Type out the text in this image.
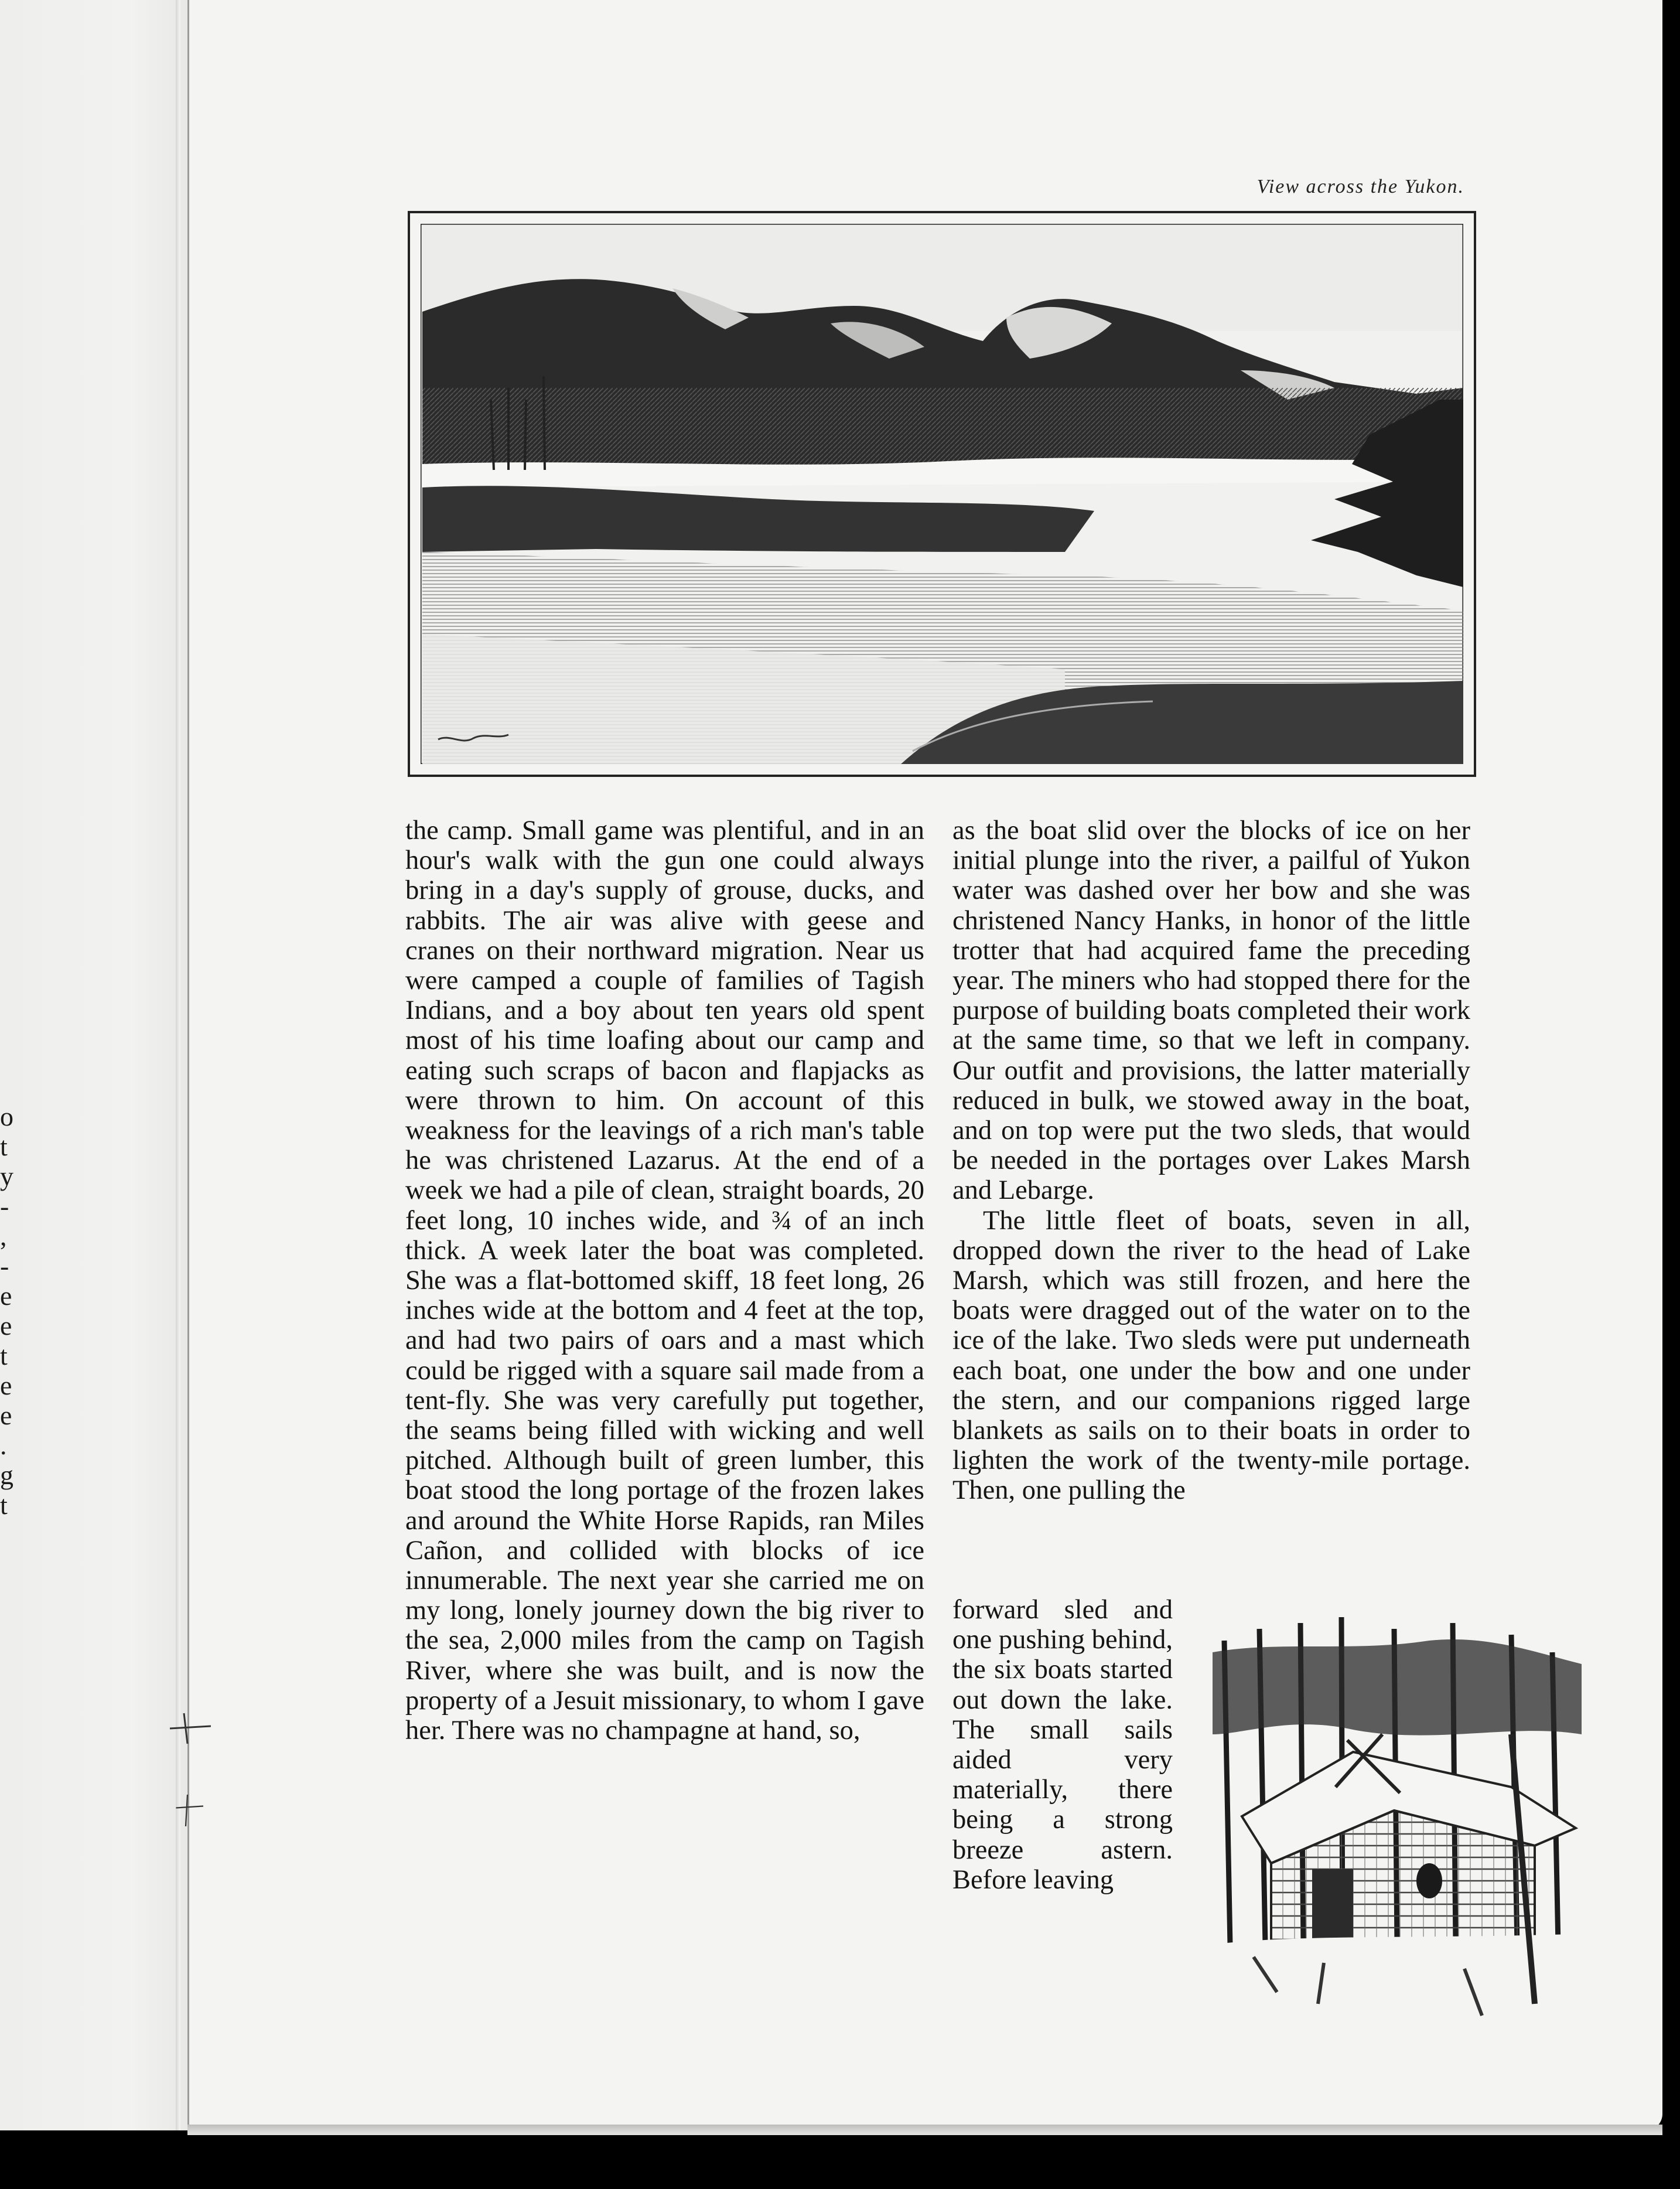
o
t
y
-
,
-
e
e
t
e
e
.
g
t
View across the Yukon.

the camp. Small game was plentiful, and in an hour's walk with the gun one could always bring in a day's supply of grouse, ducks, and rabbits. The air was alive with geese and cranes on their northward migration. Near us were camped a couple of families of Tagish Indians, and a boy about ten years old spent most of his time loafing about our camp and eating such scraps of bacon and flapjacks as were thrown to him. On account of this weakness for the leavings of a rich man's table he was christened Lazarus. At the end of a week we had a pile of clean, straight boards, 20 feet long, 10 inches wide, and ¾ of an inch thick. A week later the boat was completed. She was a flat-bottomed skiff, 18 feet long, 26 inches wide at the bottom and 4 feet at the top, and had two pairs of oars and a mast which could be rigged with a square sail made from a tent-fly. She was very carefully put together, the seams being filled with wicking and well pitched. Although built of green lumber, this boat stood the long portage of the frozen lakes and around the White Horse Rapids, ran Miles Cañon, and collided with blocks of ice innumerable. The next year she carried me on my long, lonely journey down the big river to the sea, 2,000 miles from the camp on Tagish River, where she was built, and is now the property of a Jesuit missionary, to whom I gave her. There was no champagne at hand, so,

as the boat slid over the blocks of ice on her initial plunge into the river, a pailful of Yukon water was dashed over her bow and she was christened Nancy Hanks, in honor of the little trotter that had acquired fame the preceding year. The miners who had stopped there for the purpose of building boats completed their work at the same time, so that we left in company. Our outfit and provisions, the latter materially reduced in bulk, we stowed away in the boat, and on top were put the two sleds, that would be needed in the portages over Lakes Marsh and Lebarge.

The little fleet of boats, seven in all, dropped down the river to the head of Lake Marsh, which was still frozen, and here the boats were dragged out of the water on to the ice of the lake. Two sleds were put underneath each boat, one under the bow and one under the stern, and our companions rigged large blankets as sails on to their boats in order to lighten the work of the twenty-mile portage. Then, one pulling the

forward sled and one pushing behind, the six boats started out down the lake. The small sails aided very materially, there being a strong breeze astern. Before leaving
